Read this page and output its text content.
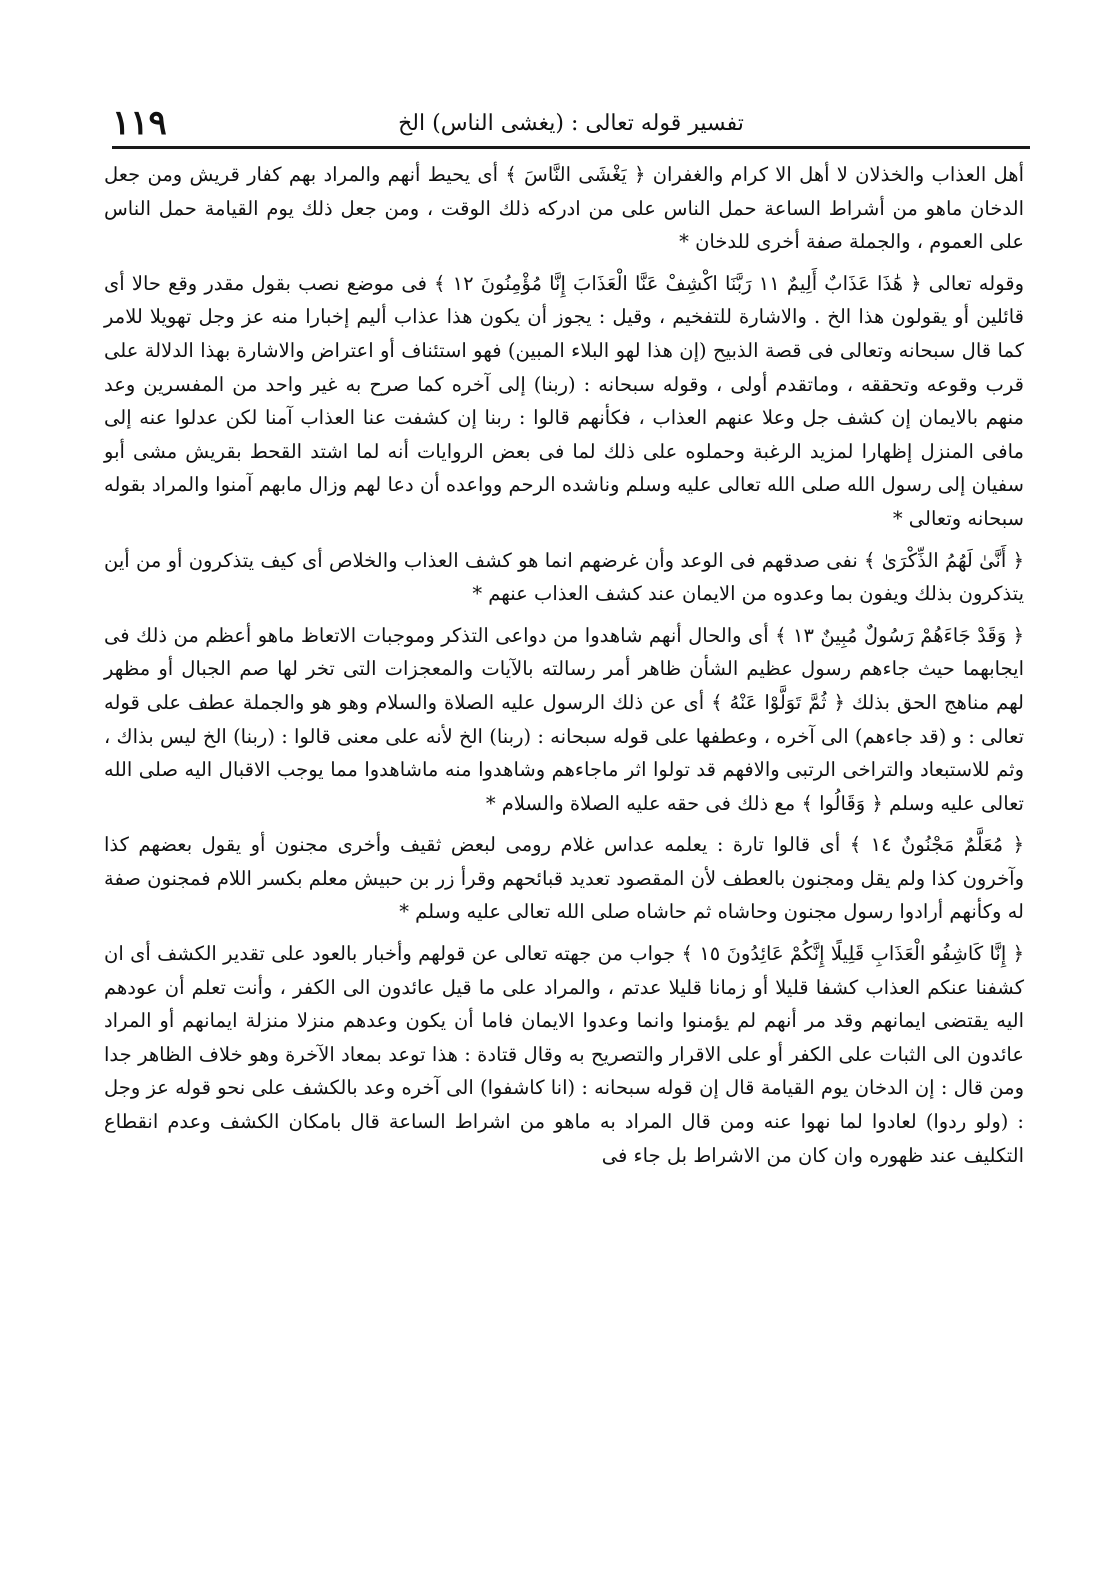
١١٩	تفسير قوله تعالى : (يغشى الناس) الخ

أهل العذاب والخذلان لا أهل الا كرام والغفران ﴿ يَغْشَى النَّاسَ ﴾ أى يحيط أنهم والمراد بهم كفار قريش ومن جعل الدخان ماهو من أشراط الساعة حمل الناس على من ادركه ذلك الوقت ، ومن جعل ذلك يوم القيامة حمل الناس على العموم ، والجملة صفة أخرى للدخان *

وقوله تعالى ﴿ هَٰذَا عَذَابٌ أَلِيمٌ ١١ رَبَّنَا اكْشِفْ عَنَّا الْعَذَابَ إِنَّا مُؤْمِنُونَ ١٢ ﴾ فى موضع نصب بقول مقدر وقع حالا أى قائلين أو يقولون هذا الخ . والاشارة للتفخيم ، وقيل : يجوز أن يكون هذا عذاب أليم إخبارا منه عز وجل تهويلا للامر كما قال سبحانه وتعالى فى قصة الذبيح (إن هذا لهو البلاء المبين) فهو استئناف أو اعتراض والاشارة بهذا الدلالة على قرب وقوعه وتحققه ، وماتقدم أولى ، وقوله سبحانه : (ربنا) إلى آخره كما صرح به غير واحد من المفسرين وعد منهم بالايمان إن كشف جل وعلا عنهم العذاب ، فكأنهم قالوا : ربنا إن كشفت عنا العذاب آمنا لكن عدلوا عنه إلى مافى المنزل إظهارا لمزيد الرغبة وحملوه على ذلك لما فى بعض الروايات أنه لما اشتد القحط بقريش مشى أبو سفيان إلى رسول الله صلى الله تعالى عليه وسلم وناشده الرحم وواعده أن دعا لهم وزال مابهم آمنوا والمراد بقوله سبحانه وتعالى *

﴿ أَنَّىٰ لَهُمُ الذِّكْرَىٰ ﴾ نفى صدقهم فى الوعد وأن غرضهم انما هو كشف العذاب والخلاص أى كيف يتذكرون أو من أين يتذكرون بذلك ويفون بما وعدوه من الايمان عند كشف العذاب عنهم *

﴿ وَقَدْ جَاءَهُمْ رَسُولٌ مُبِينٌ ١٣ ﴾ أى والحال أنهم شاهدوا من دواعى التذكر وموجبات الاتعاظ ماهو أعظم من ذلك فى ايجابهما حيث جاءهم رسول عظيم الشأن ظاهر أمر رسالته بالآيات والمعجزات التى تخر لها صم الجبال أو مظهر لهم مناهج الحق بذلك ﴿ ثُمَّ تَوَلَّوْا عَنْهُ ﴾ أى عن ذلك الرسول عليه الصلاة والسلام وهو هو والجملة عطف على قوله تعالى : و (قد جاءهم) الى آخره ، وعطفها على قوله سبحانه : (ربنا) الخ لأنه على معنى قالوا : (ربنا) الخ ليس بذاك ، وثم للاستبعاد والتراخى الرتبى والافهم قد تولوا اثر ماجاءهم وشاهدوا منه ماشاهدوا مما يوجب الاقبال اليه صلى الله تعالى عليه وسلم ﴿ وَقَالُوا ﴾ مع ذلك فى حقه عليه الصلاة والسلام *

﴿ مُعَلَّمٌ مَجْنُونٌ ١٤ ﴾ أى قالوا تارة : يعلمه عداس غلام رومى لبعض ثقيف وأخرى مجنون أو يقول بعضهم كذا وآخرون كذا ولم يقل ومجنون بالعطف لأن المقصود تعديد قبائحهم وقرأ زر بن حبيش معلم بكسر اللام فمجنون صفة له وكأنهم أرادوا رسول مجنون وحاشاه ثم حاشاه صلى الله تعالى عليه وسلم *

﴿ إِنَّا كَاشِفُو الْعَذَابِ قَلِيلًا إِنَّكُمْ عَائِدُونَ ١٥ ﴾ جواب من جهته تعالى عن قولهم وأخبار بالعود على تقدير الكشف أى ان كشفنا عنكم العذاب كشفا قليلا أو زمانا قليلا عدتم ، والمراد على ما قيل عائدون الى الكفر ، وأنت تعلم أن عودهم اليه يقتضى ايمانهم وقد مر أنهم لم يؤمنوا وانما وعدوا الايمان فاما أن يكون وعدهم منزلا منزلة ايمانهم أو المراد عائدون الى الثبات على الكفر أو على الاقرار والتصريح به وقال قتادة : هذا توعد بمعاد الآخرة وهو خلاف الظاهر جدا ومن قال : إن الدخان يوم القيامة قال إن قوله سبحانه : (انا كاشفوا) الى آخره وعد بالكشف على نحو قوله عز وجل : (ولو ردوا) لعادوا لما نهوا عنه ومن قال المراد به ماهو من اشراط الساعة قال بامكان الكشف وعدم انقطاع التكليف عند ظهوره وان كان من الاشراط بل جاء فى
